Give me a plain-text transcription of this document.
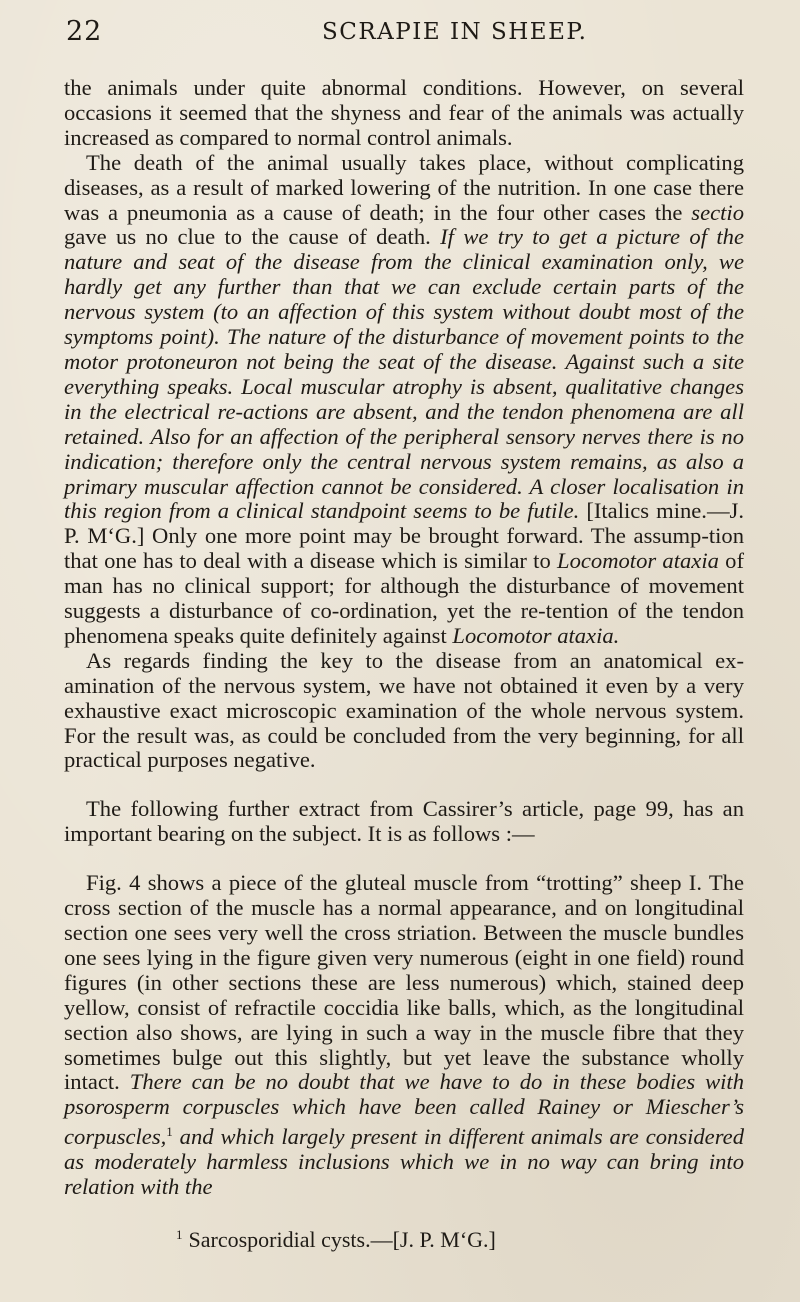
22	SCRAPIE IN SHEEP.

the animals under quite abnormal conditions. However, on several occasions it seemed that the shyness and fear of the animals was actually increased as compared to normal control animals.

The death of the animal usually takes place, without complicating diseases, as a result of marked lowering of the nutrition. In one case there was a pneumonia as a cause of death; in the four other cases the sectio gave us no clue to the cause of death. If we try to get a picture of the nature and seat of the disease from the clinical examination only, we hardly get any further than that we can exclude certain parts of the nervous system (to an affection of this system without doubt most of the symptoms point). The nature of the disturbance of movement points to the motor protoneuron not being the seat of the disease. Against such a site everything speaks. Local muscular atrophy is absent, qualitative changes in the electrical re-actions are absent, and the tendon phenomena are all retained. Also for an affection of the peripheral sensory nerves there is no indication; therefore only the central nervous system remains, as also a primary muscular affection cannot be considered. A closer localisation in this region from a clinical standpoint seems to be futile. [Italics mine.—J. P. M‘G.] Only one more point may be brought forward. The assump-tion that one has to deal with a disease which is similar to Locomotor ataxia of man has no clinical support; for although the disturbance of movement suggests a disturbance of co-ordination, yet the re-tention of the tendon phenomena speaks quite definitely against Locomotor ataxia.

As regards finding the key to the disease from an anatomical ex-amination of the nervous system, we have not obtained it even by a very exhaustive exact microscopic examination of the whole nervous system. For the result was, as could be concluded from the very beginning, for all practical purposes negative.

The following further extract from Cassirer’s article, page 99, has an important bearing on the subject. It is as follows :—

Fig. 4 shows a piece of the gluteal muscle from “trotting” sheep I. The cross section of the muscle has a normal appearance, and on longitudinal section one sees very well the cross striation. Between the muscle bundles one sees lying in the figure given very numerous (eight in one field) round figures (in other sections these are less numerous) which, stained deep yellow, consist of refractile coccidia like balls, which, as the longitudinal section also shows, are lying in such a way in the muscle fibre that they sometimes bulge out this slightly, but yet leave the substance wholly intact. There can be no doubt that we have to do in these bodies with psorosperm corpuscles which have been called Rainey or Miescher’s corpuscles,$^1$ and which largely present in different animals are considered as moderately harmless inclusions which we in no way can bring into relation with the

$^1$ Sarcosporidial cysts.—[J. P. M‘G.]
